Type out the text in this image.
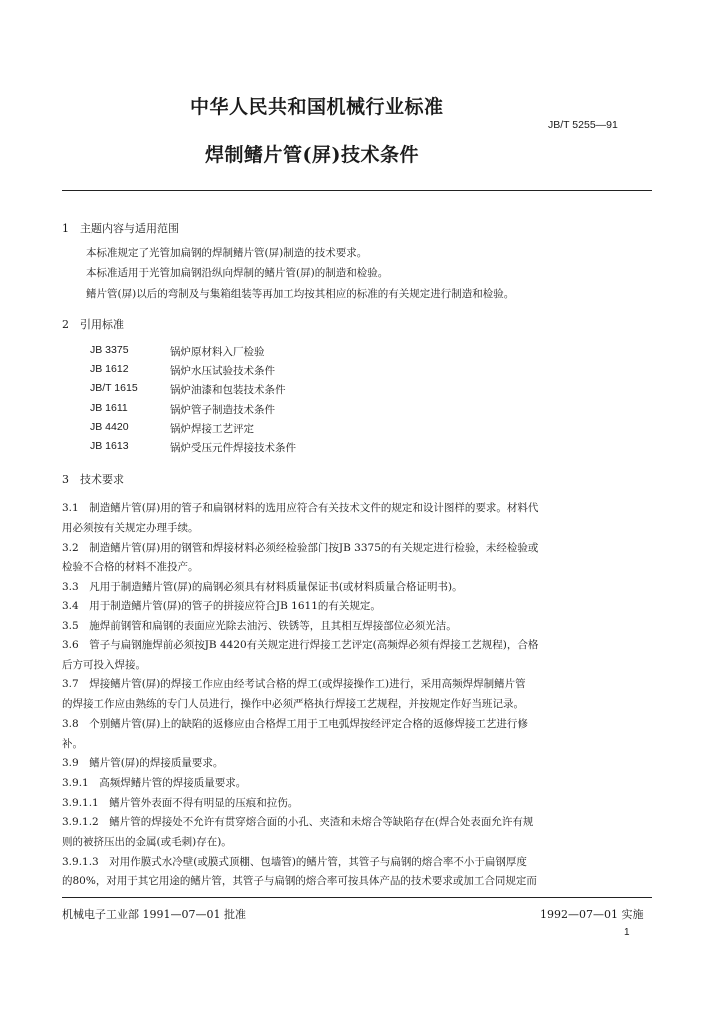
中华人民共和国机械行业标准
JB/T 5255—91
焊制鳍片管(屏)技术条件
1　主题内容与适用范围
本标准规定了光管加扁钢的焊制鳍片管(屏)制造的技术要求。
本标准适用于光管加扁钢沿纵向焊制的鳍片管(屏)的制造和检验。
鳍片管(屏)以后的弯制及与集箱组装等再加工均按其相应的标准的有关规定进行制造和检验。
2　引用标准
JB 3375	锅炉原材料入厂检验
JB 1612	锅炉水压试验技术条件
JB/T 1615	锅炉油漆和包装技术条件
JB 1611	锅炉管子制造技术条件
JB 4420	锅炉焊接工艺评定
JB 1613	锅炉受压元件焊接技术条件
3　技术要求
3.1　制造鳍片管(屏)用的管子和扁钢材料的选用应符合有关技术文件的规定和设计图样的要求。材料代
用必须按有关规定办理手续。
3.2　制造鳍片管(屏)用的钢管和焊接材料必须经检验部门按JB 3375的有关规定进行检验，未经检验或
检验不合格的材料不准投产。
3.3　凡用于制造鳍片管(屏)的扁钢必须具有材料质量保证书(或材料质量合格证明书)。
3.4　用于制造鳍片管(屏)的管子的拼接应符合JB 1611的有关规定。
3.5　施焊前钢管和扁钢的表面应光除去油污、铁锈等，且其相互焊接部位必须光洁。
3.6　管子与扁钢施焊前必须按JB 4420有关规定进行焊接工艺评定(高频焊必须有焊接工艺规程)，合格
后方可投入焊接。
3.7　焊接鳍片管(屏)的焊接工作应由经考试合格的焊工(或焊接操作工)进行，采用高频焊焊制鳍片管
的焊接工作应由熟练的专门人员进行，操作中必须严格执行焊接工艺规程，并按规定作好当班记录。
3.8　个别鳍片管(屏)上的缺陷的返修应由合格焊工用于工电弧焊按经评定合格的返修焊接工艺进行修
补。
3.9　鳍片管(屏)的焊接质量要求。
3.9.1　高频焊鳍片管的焊接质量要求。
3.9.1.1　鳍片管外表面不得有明显的压痕和拉伤。
3.9.1.2　鳍片管的焊接处不允许有贯穿熔合面的小孔、夹渣和未熔合等缺陷存在(焊合处表面允许有规
则的被挤压出的金属(或毛刺)存在)。
3.9.1.3　对用作膜式水冷壁(或膜式顶棚、包墙管)的鳍片管，其管子与扁钢的熔合率不小于扁钢厚度
的80%，对用于其它用途的鳍片管，其管子与扁钢的熔合率可按具体产品的技术要求或加工合同规定而
机械电子工业部 1991—07—01 批准	1992—07—01 实施
1
